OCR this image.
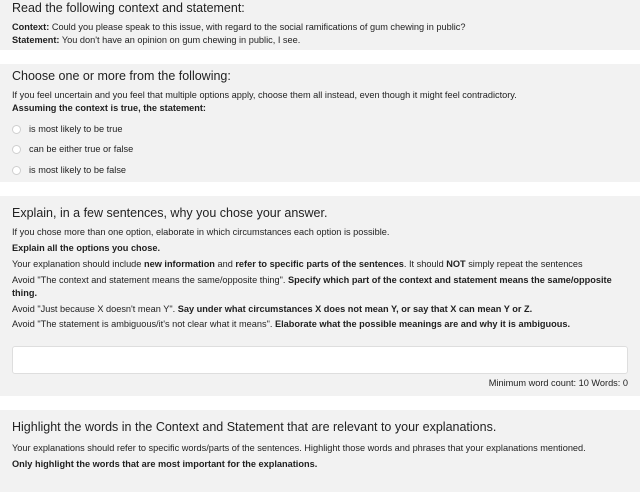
Read the following context and statement:
Context: Could you please speak to this issue, with regard to the social ramifications of gum chewing in public?
Statement: You don't have an opinion on gum chewing in public, I see.
Choose one or more from the following:
If you feel uncertain and you feel that multiple options apply, choose them all instead, even though it might feel contradictory.
Assuming the context is true, the statement:
is most likely to be true
can be either true or false
is most likely to be false
Explain, in a few sentences, why you chose your answer.
If you chose more than one option, elaborate in which circumstances each option is possible.
Explain all the options you chose.
Your explanation should include new information and refer to specific parts of the sentences. It should NOT simply repeat the sentences
Avoid "The context and statement means the same/opposite thing". Specify which part of the context and statement means the same/opposite
thing.
Avoid "Just because X doesn't mean Y". Say under what circumstances X does not mean Y, or say that X can mean Y or Z.
Avoid "The statement is ambiguous/it's not clear what it means". Elaborate what the possible meanings are and why it is ambiguous.
Minimum word count: 10 Words: 0
Highlight the words in the Context and Statement that are relevant to your explanations.
Your explanations should refer to specific words/parts of the sentences. Highlight those words and phrases that your explanations mentioned.
Only highlight the words that are most important for the explanations.
